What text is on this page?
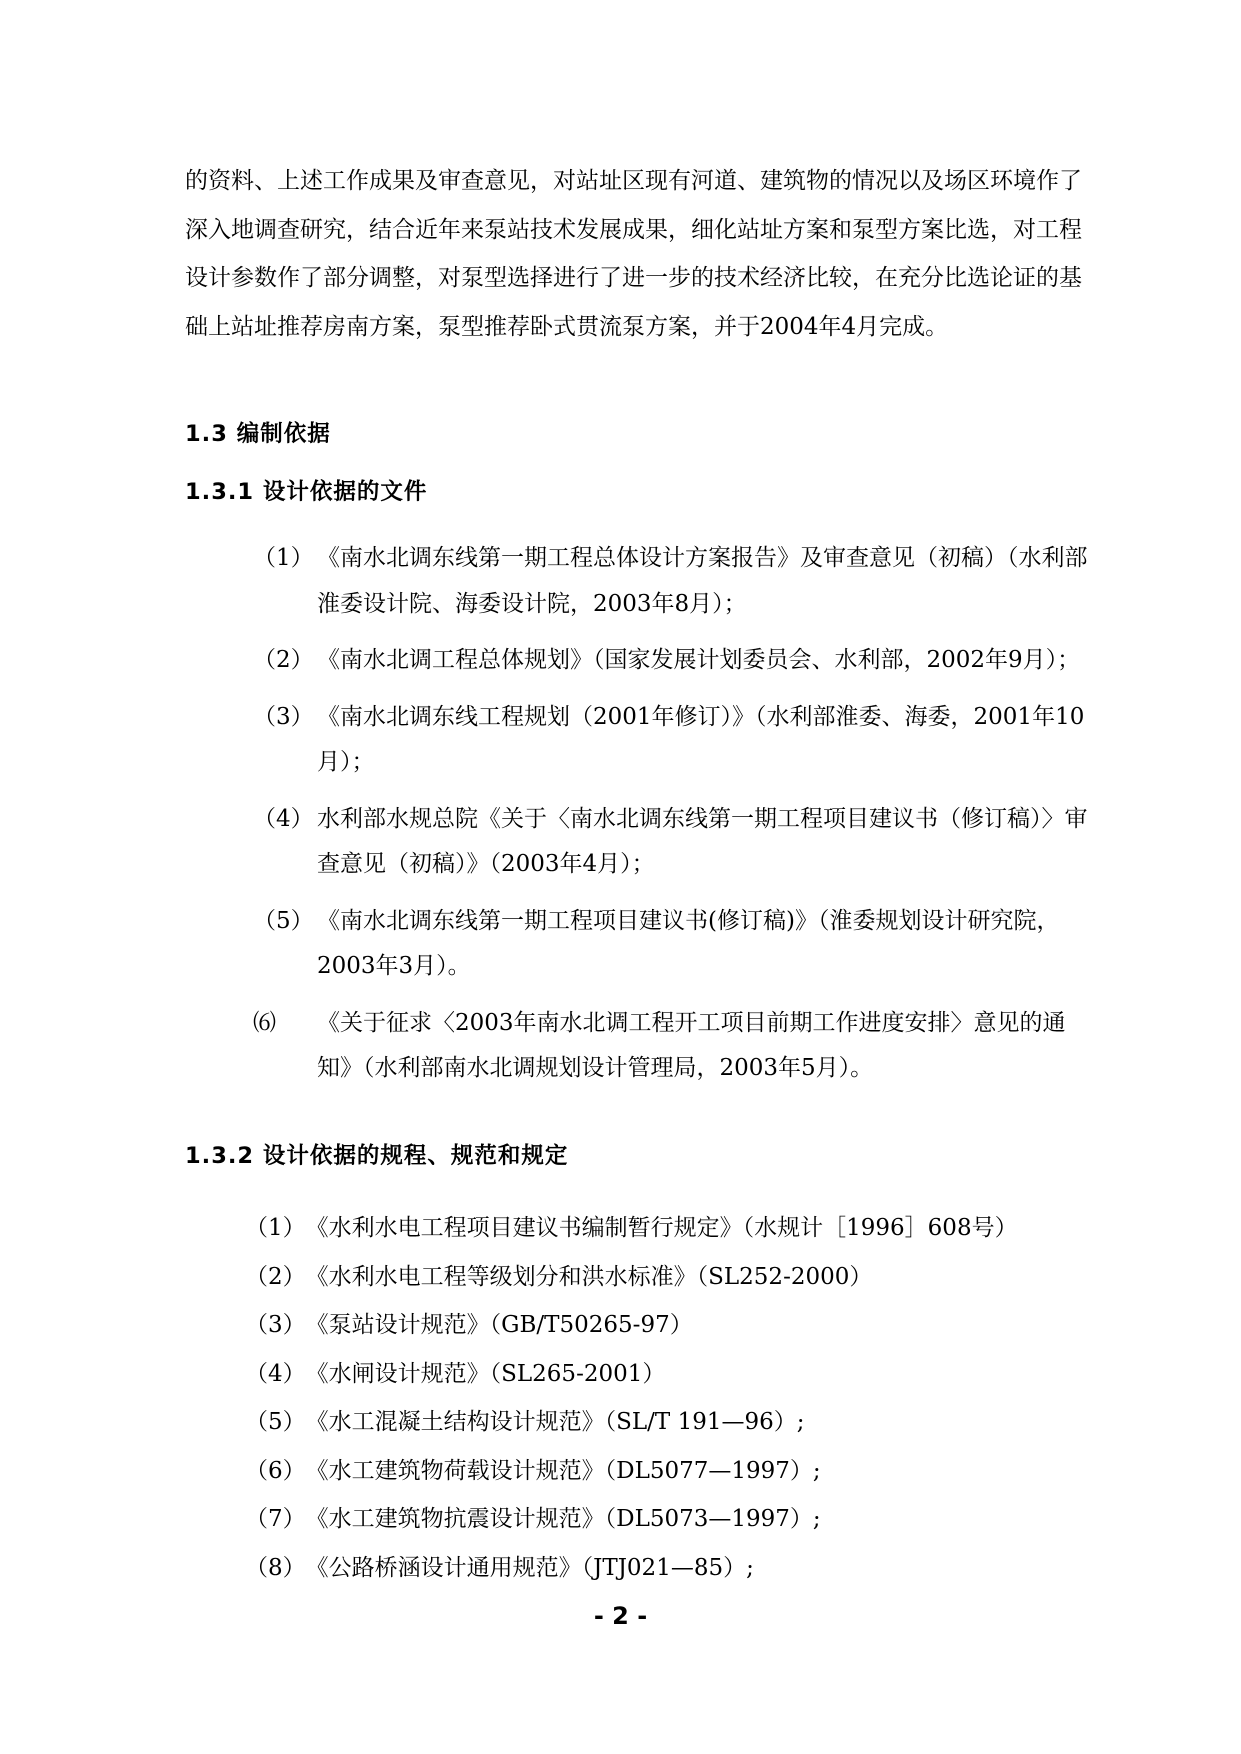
的资料、上述工作成果及审查意见，对站址区现有河道、建筑物的情况以及场区环境作了深入地调查研究，结合近年来泵站技术发展成果，细化站址方案和泵型方案比选，对工程设计参数作了部分调整，对泵型选择进行了进一步的技术经济比较，在充分比选论证的基础上站址推荐房南方案，泵型推荐卧式贯流泵方案，并于2004年4月完成。

1.3 编制依据
1.3.1 设计依据的文件
（1） 《南水北调东线第一期工程总体设计方案报告》及审查意见（初稿）（水利部淮委设计院、海委设计院，2003年8月）；
（2） 《南水北调工程总体规划》（国家发展计划委员会、水利部，2002年9月）；
（3） 《南水北调东线工程规划（2001年修订）》（水利部淮委、海委，2001年10月）；
（4） 水利部水规总院《关于〈南水北调东线第一期工程项目建议书（修订稿）〉审查意见（初稿）》（2003年4月）；
（5） 《南水北调东线第一期工程项目建议书(修订稿)》（淮委规划设计研究院，2003年3月）。
⑹	《关于征求〈2003年南水北调工程开工项目前期工作进度安排〉意见的通知》（水利部南水北调规划设计管理局，2003年5月）。
1.3.2 设计依据的规程、规范和规定
（1） 《水利水电工程项目建议书编制暂行规定》（水规计［1996］608号）
（2） 《水利水电工程等级划分和洪水标准》（SL252-2000）
（3） 《泵站设计规范》（GB/T50265-97）
（4） 《水闸设计规范》（SL265-2001）
（5） 《水工混凝土结构设计规范》（SL/T 191—96）;
（6） 《水工建筑物荷载设计规范》（DL5077—1997）;
（7） 《水工建筑物抗震设计规范》（DL5073—1997）;
（8） 《公路桥涵设计通用规范》（JTJ021—85）;
- 2 -
